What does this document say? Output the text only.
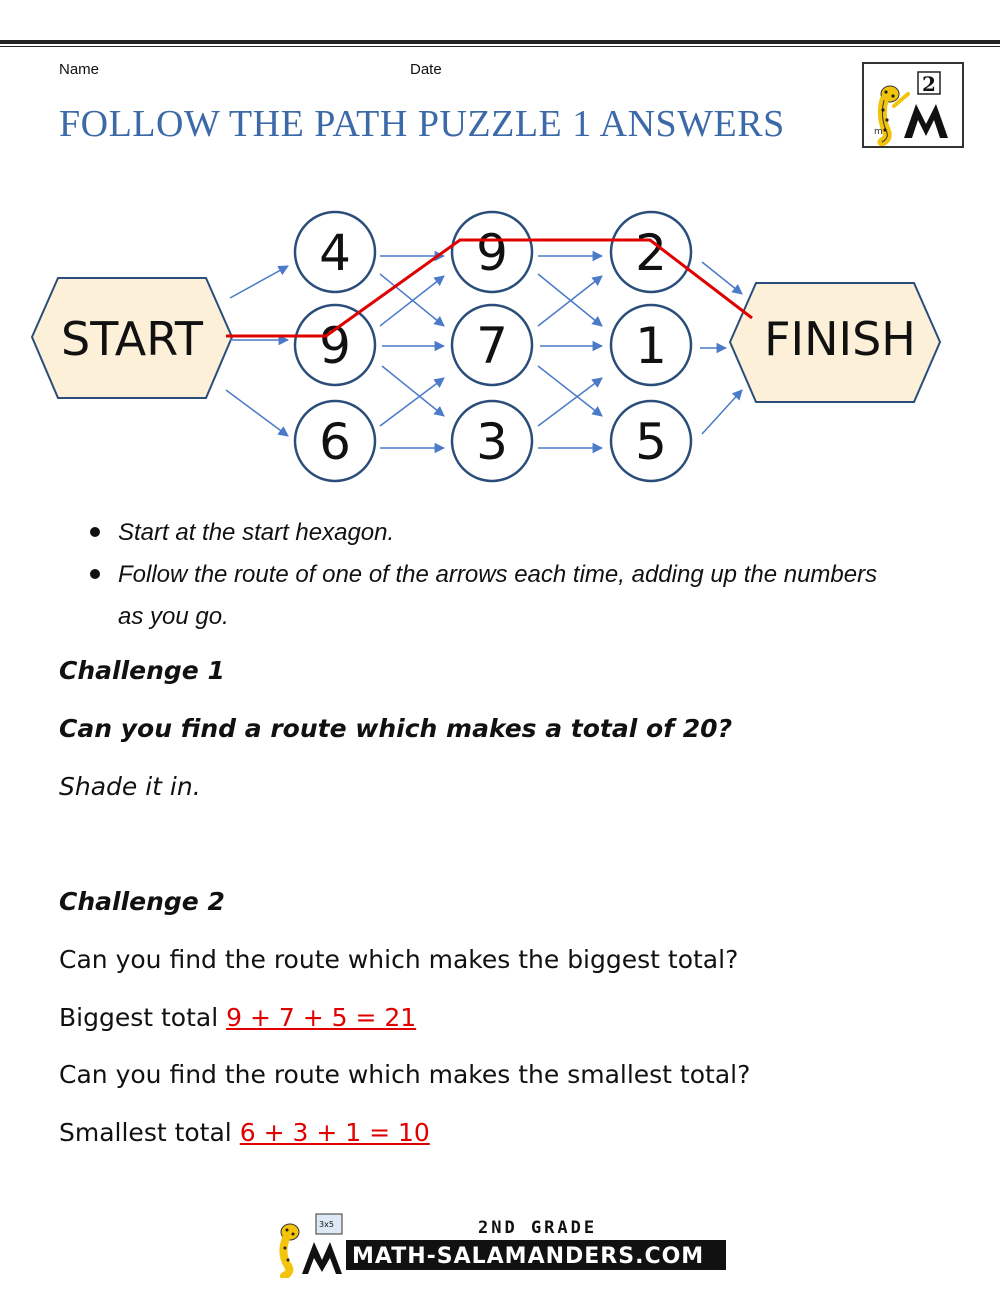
Name	Date
FOLLOW THE PATH PUZZLE 1 ANSWERS	m
2
START	FINISH
4
9
6
9
7
3
2
1
5
Start at the start hexagon.
Follow the route of one of the arrows each time, adding up the numbers as you go.
Challenge 1
Can you find a route which makes a total of 20?
Shade it in.
Challenge 2
Can you find the route which makes the biggest total?
Biggest total 9 + 7 + 5 = 21
Can you find the route which makes the smallest total?
Smallest total 6 + 3 + 1 = 10
3x5	2ND GRADE
MATH-SALAMANDERS.COM
